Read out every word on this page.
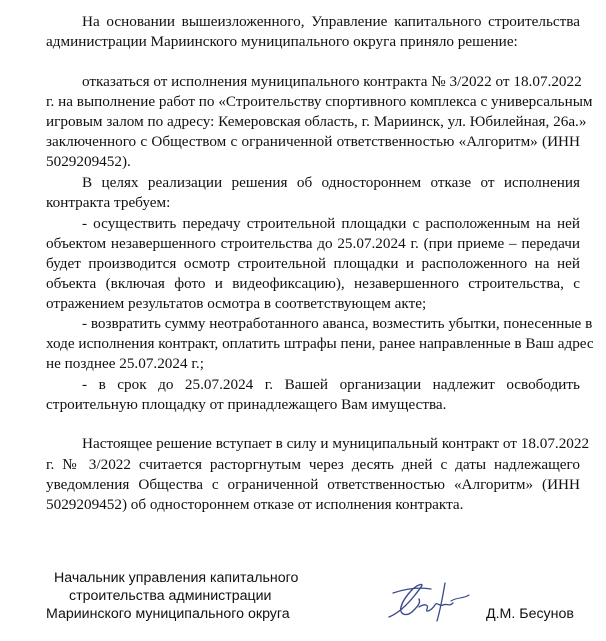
На основании вышеизложенного, Управление капитального строительства
администрации Мариинского муниципального округа приняло решение:
отказаться от исполнения муниципального контракта № 3/2022 от 18.07.2022
г. на выполнение работ по «Строительству спортивного комплекса с универсальным
игровым залом по адресу: Кемеровская область, г. Мариинск, ул. Юбилейная, 26а.»
заключенного с Обществом с ограниченной ответственностью «Алгоритм» (ИНН
5029209452).
В целях реализации решения об одностороннем отказе от исполнения
контракта требуем:
- осуществить передачу строительной площадки с расположенным на ней
объектом незавершенного строительства до 25.07.2024 г. (при приеме – передачи
будет производится осмотр строительной площадки и расположенного на ней
объекта (включая фото и видеофиксацию), незавершенного строительства, с
отражением результатов осмотра в соответствующем акте;
- возвратить сумму неотработанного аванса, возместить убытки, понесенные в
ходе исполнения контракт, оплатить штрафы пени, ранее направленные в Ваш адрес
не позднее 25.07.2024 г.;
- в срок до 25.07.2024 г. Вашей организации надлежит освободить
строительную площадку от принадлежащего Вам имущества.
Настоящее решение вступает в силу и муниципальный контракт от 18.07.2022
г. № 3/2022 считается расторгнутым через десять дней с даты надлежащего
уведомления Общества с ограниченной ответственностью «Алгоритм» (ИНН
5029209452) об одностороннем отказе от исполнения контракта.
Начальник управления капитального
строительства администрации
Мариинского муниципального округа	Д.М. Бесунов
